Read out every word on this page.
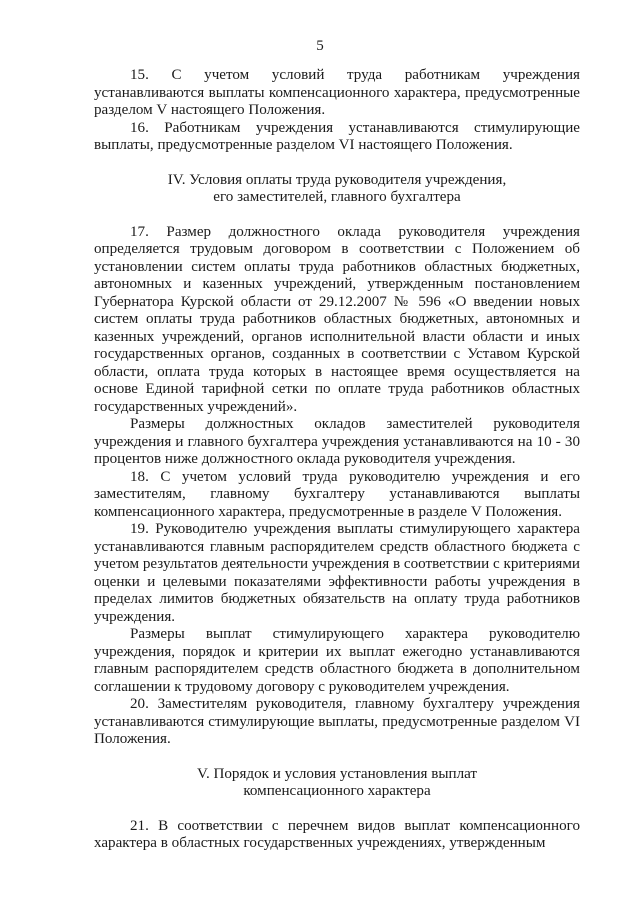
5

15. С учетом условий труда работникам учреждения устанавливаются выплаты компенсационного характера, предусмотренные разделом V настоящего Положения.

16. Работникам учреждения устанавливаются стимулирующие выплаты, предусмотренные разделом VI настоящего Положения.

IV. Условия оплаты труда руководителя учреждения,
его заместителей, главного бухгалтера

17. Размер должностного оклада руководителя учреждения определяется трудовым договором в соответствии с Положением об установлении систем оплаты труда работников областных бюджетных, автономных и казенных учреждений, утвержденным постановлением Губернатора Курской области от 29.12.2007 № 596 «О введении новых систем оплаты труда работников областных бюджетных, автономных и казенных учреждений, органов исполнительной власти области и иных государственных органов, созданных в соответствии с Уставом Курской области, оплата труда которых в настоящее время осуществляется на основе Единой тарифной сетки по оплате труда работников областных государственных учреждений».

Размеры должностных окладов заместителей руководителя учреждения и главного бухгалтера учреждения устанавливаются на 10 - 30 процентов ниже должностного оклада руководителя учреждения.

18. С учетом условий труда руководителю учреждения и его заместителям, главному бухгалтеру устанавливаются выплаты компенсационного характера, предусмотренные в разделе V Положения.

19. Руководителю учреждения выплаты стимулирующего характера устанавливаются главным распорядителем средств областного бюджета с учетом результатов деятельности учреждения в соответствии с критериями оценки и целевыми показателями эффективности работы учреждения в пределах лимитов бюджетных обязательств на оплату труда работников учреждения.

Размеры выплат стимулирующего характера руководителю учреждения, порядок и критерии их выплат ежегодно устанавливаются главным распорядителем средств областного бюджета в дополнительном соглашении к трудовому договору с руководителем учреждения.

20. Заместителям руководителя, главному бухгалтеру учреждения устанавливаются стимулирующие выплаты, предусмотренные разделом VI Положения.

V. Порядок и условия установления выплат
компенсационного характера

21. В соответствии с перечнем видов выплат компенсационного характера в областных государственных учреждениях, утвержденным
